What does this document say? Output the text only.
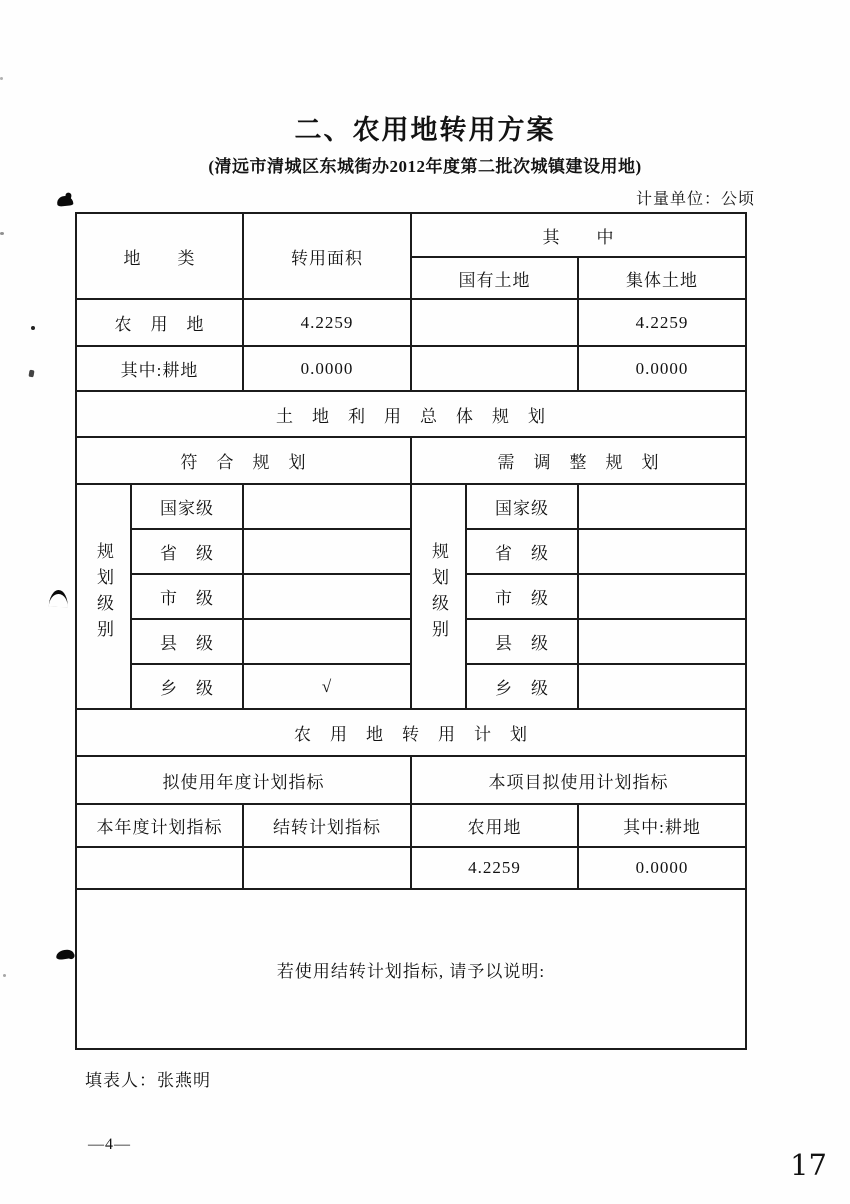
二、农用地转用方案
(清远市清城区东城街办2012年度第二批次城镇建设用地)
计量单位：公顷
地　　类		转用面积	其　　中		
			国有土地		集体土地
农　用　地		4.2259			4.2259
其中:耕地		0.0000			0.0000
土　地　利　用　总　体　规　划					
符　合　规　划			需　调　整　规　划		
规划级别	国家级		规划级别	国家级	
	省　级			省　级	
	市　级			市　级	
	县　级			县　级	
	乡　级	√		乡　级	
农　用　地　转　用　计　划					
拟使用年度计划指标			本项目拟使用计划指标		
本年度计划指标		结转计划指标	农用地		其中:耕地
			4.2259		0.0000
若使用结转计划指标, 请予以说明:					
填表人：张燕明
—4—
17
